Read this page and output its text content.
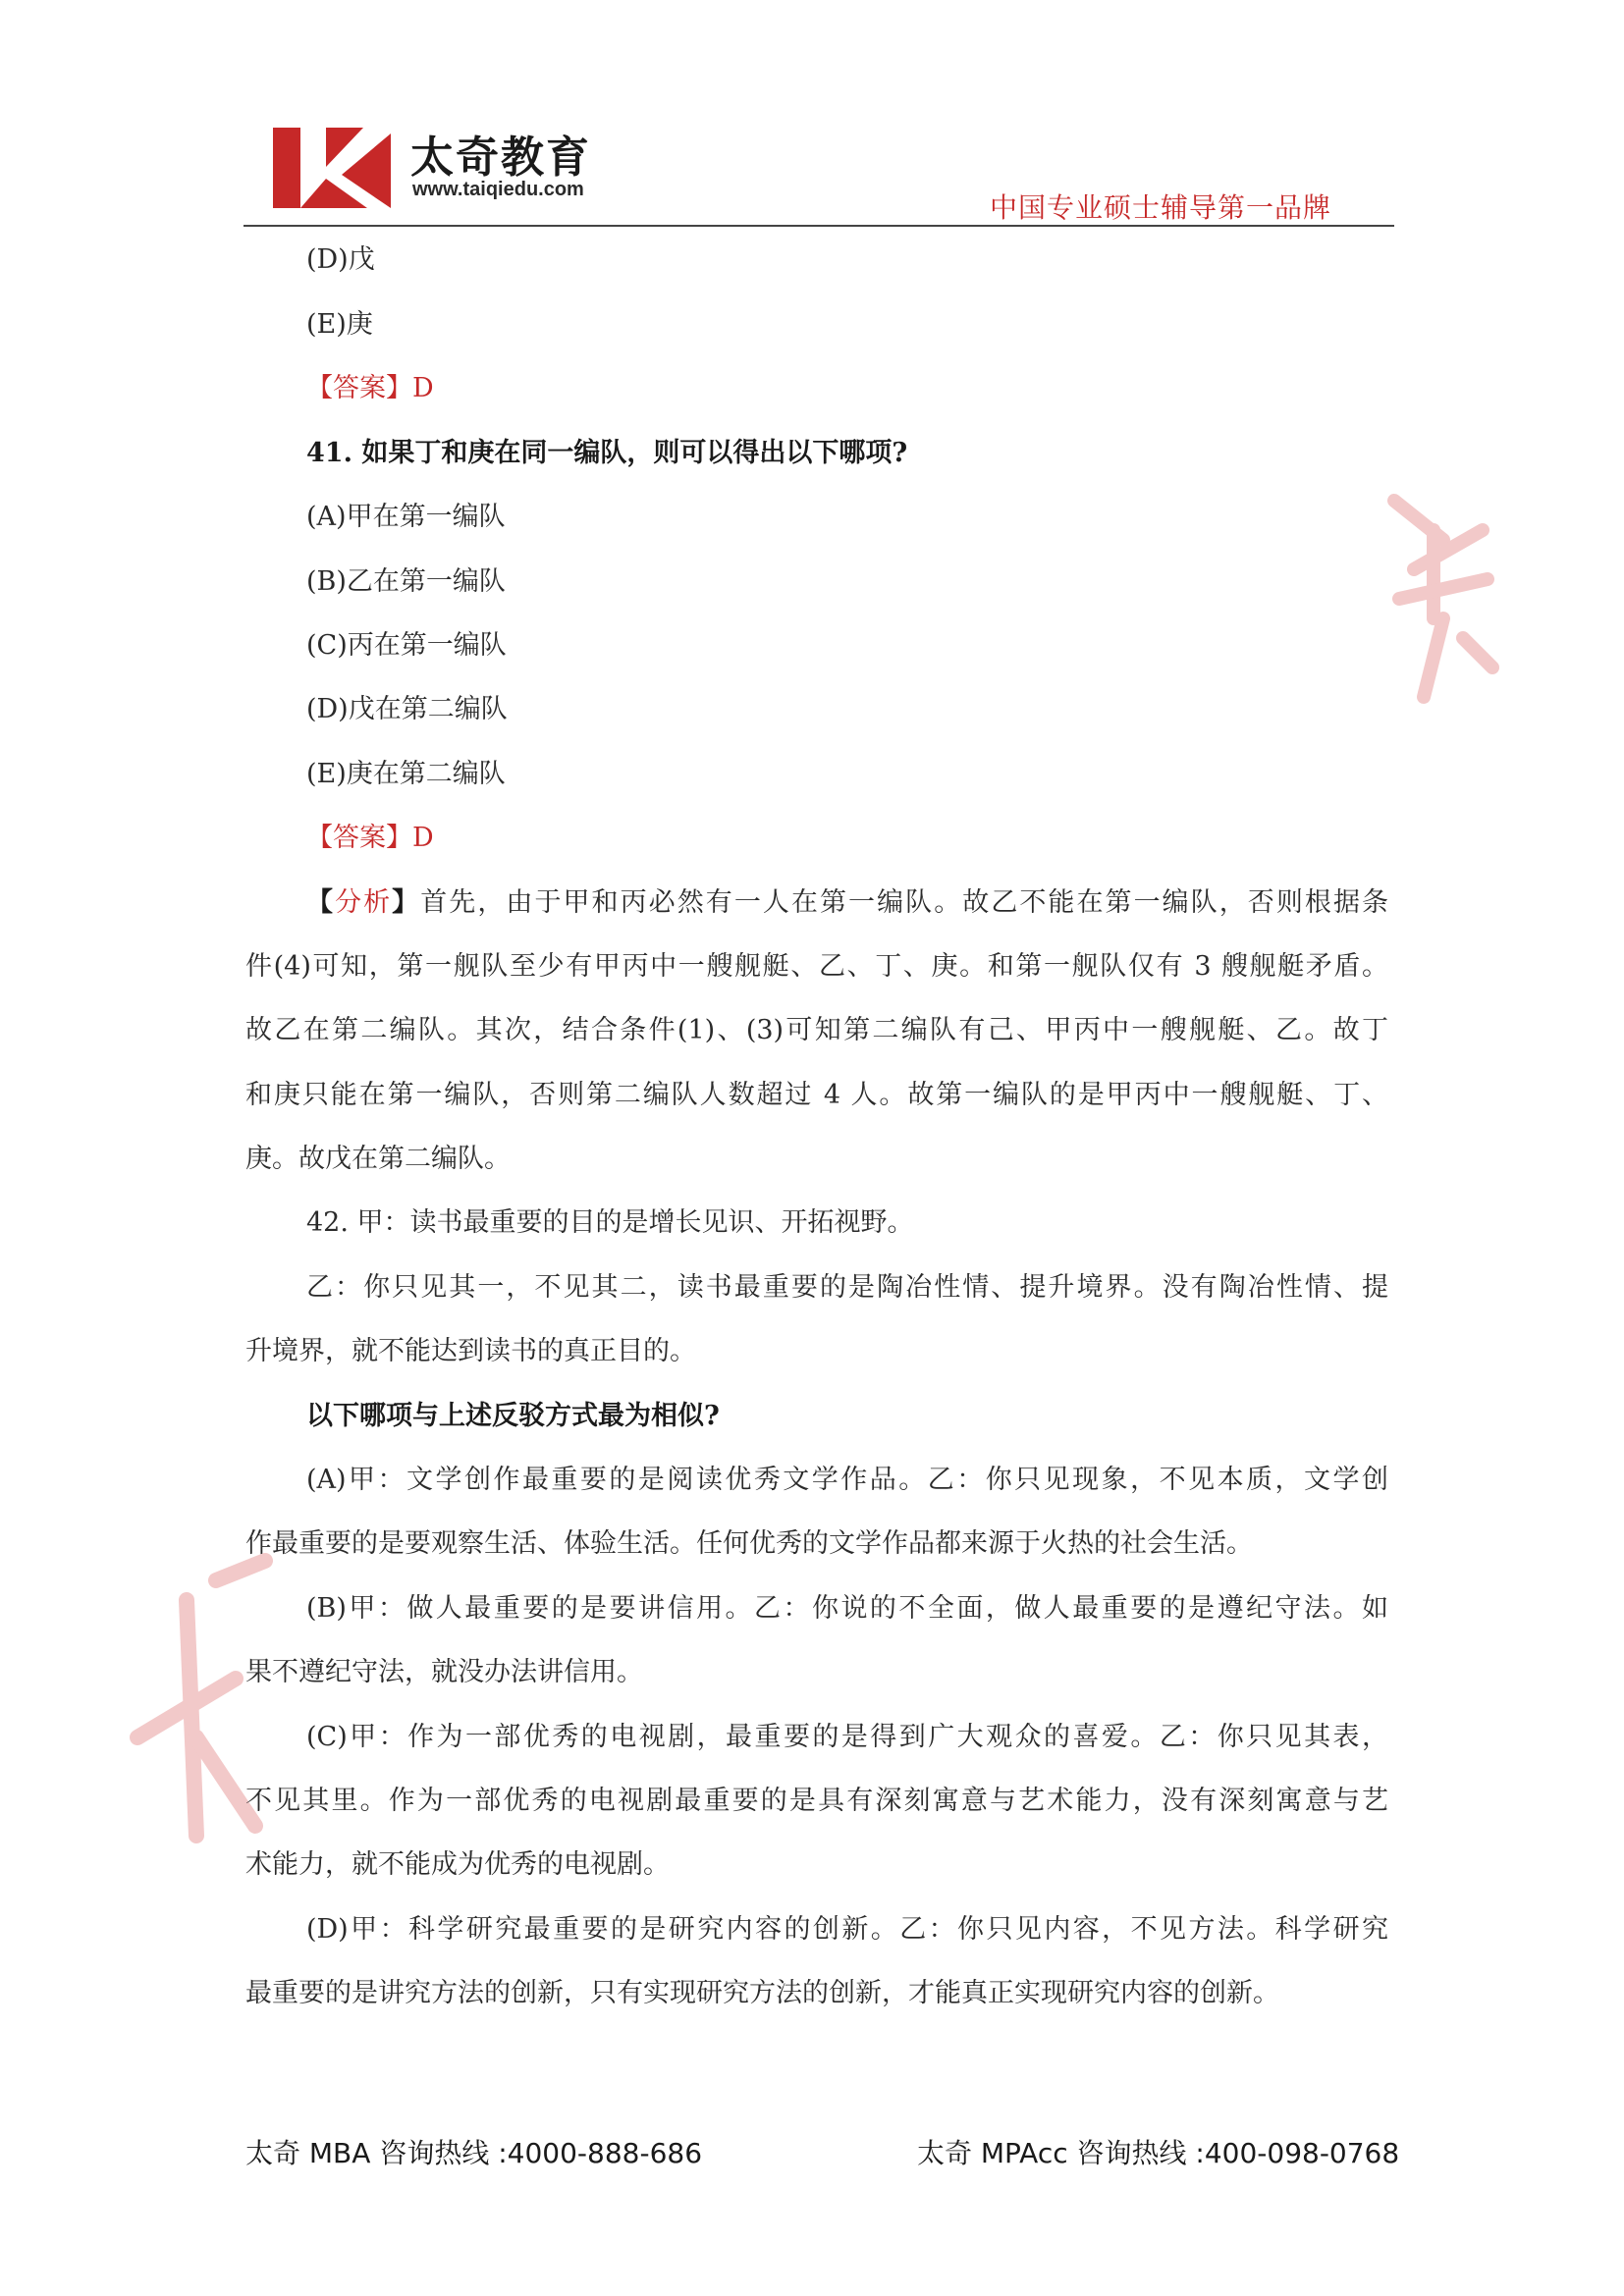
太奇教育
www.taiqiedu.com
中国专业硕士辅导第一品牌
(D)戊
(E)庚
【答案】D
41. 如果丁和庚在同一编队，则可以得出以下哪项?
(A)甲在第一编队
(B)乙在第一编队
(C)丙在第一编队
(D)戊在第二编队
(E)庚在第二编队
【答案】D
【分析】首先，由于甲和丙必然有一人在第一编队。故乙不能在第一编队，否则根据条
件(4)可知，第一舰队至少有甲丙中一艘舰艇、乙、丁、庚。和第一舰队仅有 3 艘舰艇矛盾。
故乙在第二编队。其次，结合条件(1)、(3)可知第二编队有己、甲丙中一艘舰艇、乙。故丁
和庚只能在第一编队，否则第二编队人数超过 4 人。故第一编队的是甲丙中一艘舰艇、丁、
庚。故戊在第二编队。
42. 甲：读书最重要的目的是增长见识、开拓视野。
乙：你只见其一，不见其二，读书最重要的是陶冶性情、提升境界。没有陶冶性情、提
升境界，就不能达到读书的真正目的。
以下哪项与上述反驳方式最为相似?
(A)甲：文学创作最重要的是阅读优秀文学作品。乙：你只见现象，不见本质，文学创
作最重要的是要观察生活、体验生活。任何优秀的文学作品都来源于火热的社会生活。
(B)甲：做人最重要的是要讲信用。乙：你说的不全面，做人最重要的是遵纪守法。如
果不遵纪守法，就没办法讲信用。
(C)甲：作为一部优秀的电视剧，最重要的是得到广大观众的喜爱。乙：你只见其表，
不见其里。作为一部优秀的电视剧最重要的是具有深刻寓意与艺术能力，没有深刻寓意与艺
术能力，就不能成为优秀的电视剧。
(D)甲：科学研究最重要的是研究内容的创新。乙：你只见内容，不见方法。科学研究
最重要的是讲究方法的创新，只有实现研究方法的创新，才能真正实现研究内容的创新。
太奇 MBA 咨询热线 :4000-888-686	太奇 MPAcc 咨询热线 :400-098-0768
